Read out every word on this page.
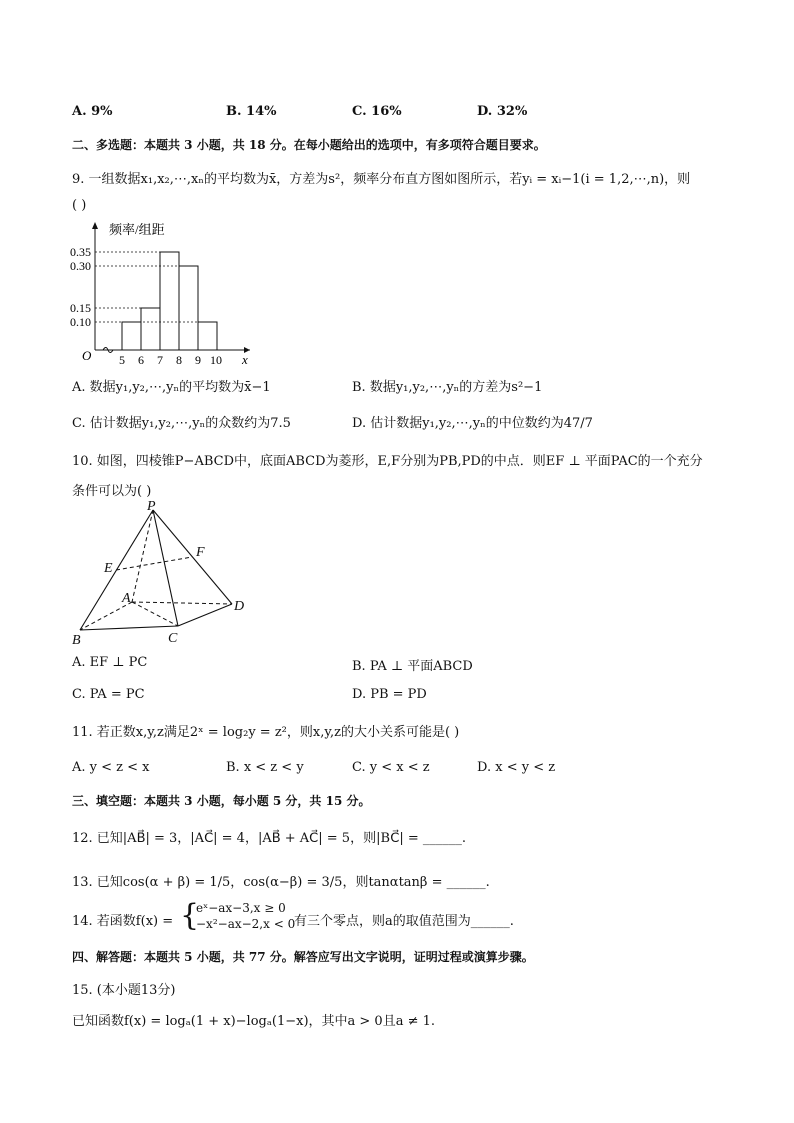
A. 9%	B. 14%	C. 16%	D. 32%
二、多选题：本题共 3 小题，共 18 分。在每小题给出的选项中，有多项符合题目要求。
9. 一组数据x₁,x₂,⋯,xₙ的平均数为x̄，方差为s²，频率分布直方图如图所示，若yᵢ = xᵢ−1(i = 1,2,⋯,n)，则
( )
频率/组距
x
O
0.10
0.15
0.30
0.35
5 6 7 8 9 10
A. 数据y₁,y₂,⋯,yₙ的平均数为x̄−1	B. 数据y₁,y₂,⋯,yₙ的方差为s²−1
C. 估计数据y₁,y₂,⋯,yₙ的众数约为7.5	D. 估计数据y₁,y₂,⋯,yₙ的中位数约为47/7
10. 如图，四棱锥P−ABCD中，底面ABCD为菱形，E,F分别为PB,PD的中点．则EF ⊥ 平面PAC的一个充分
条件可以为( )
P
E
F
A
B	C
D
A. EF ⊥ PC	B. PA ⊥ 平面ABCD
C. PA = PC	D. PB = PD
11. 若正数x,y,z满足2ˣ = log₂y = z²，则x,y,z的大小关系可能是( )
A. y < z < x	B. x < z < y	C. y < x < z	D. x < y < z
三、填空题：本题共 3 小题，每小题 5 分，共 15 分。
12. 已知|AB⃗| = 3，|AC⃗| = 4，|AB⃗ + AC⃗| = 5，则|BC⃗| = ______.
13. 已知cos(α + β) = 1/5，cos(α−β) = 3/5，则tanαtanβ = ______.
14. 若函数f(x) = {
eˣ−ax−3,x ≥ 0
−x²−ax−2,x < 0
有三个零点，则a的取值范围为______.
四、解答题：本题共 5 小题，共 77 分。解答应写出文字说明，证明过程或演算步骤。
15. (本小题13分)
已知函数f(x) = logₐ(1 + x)−logₐ(1−x)，其中a > 0且a ≠ 1.
